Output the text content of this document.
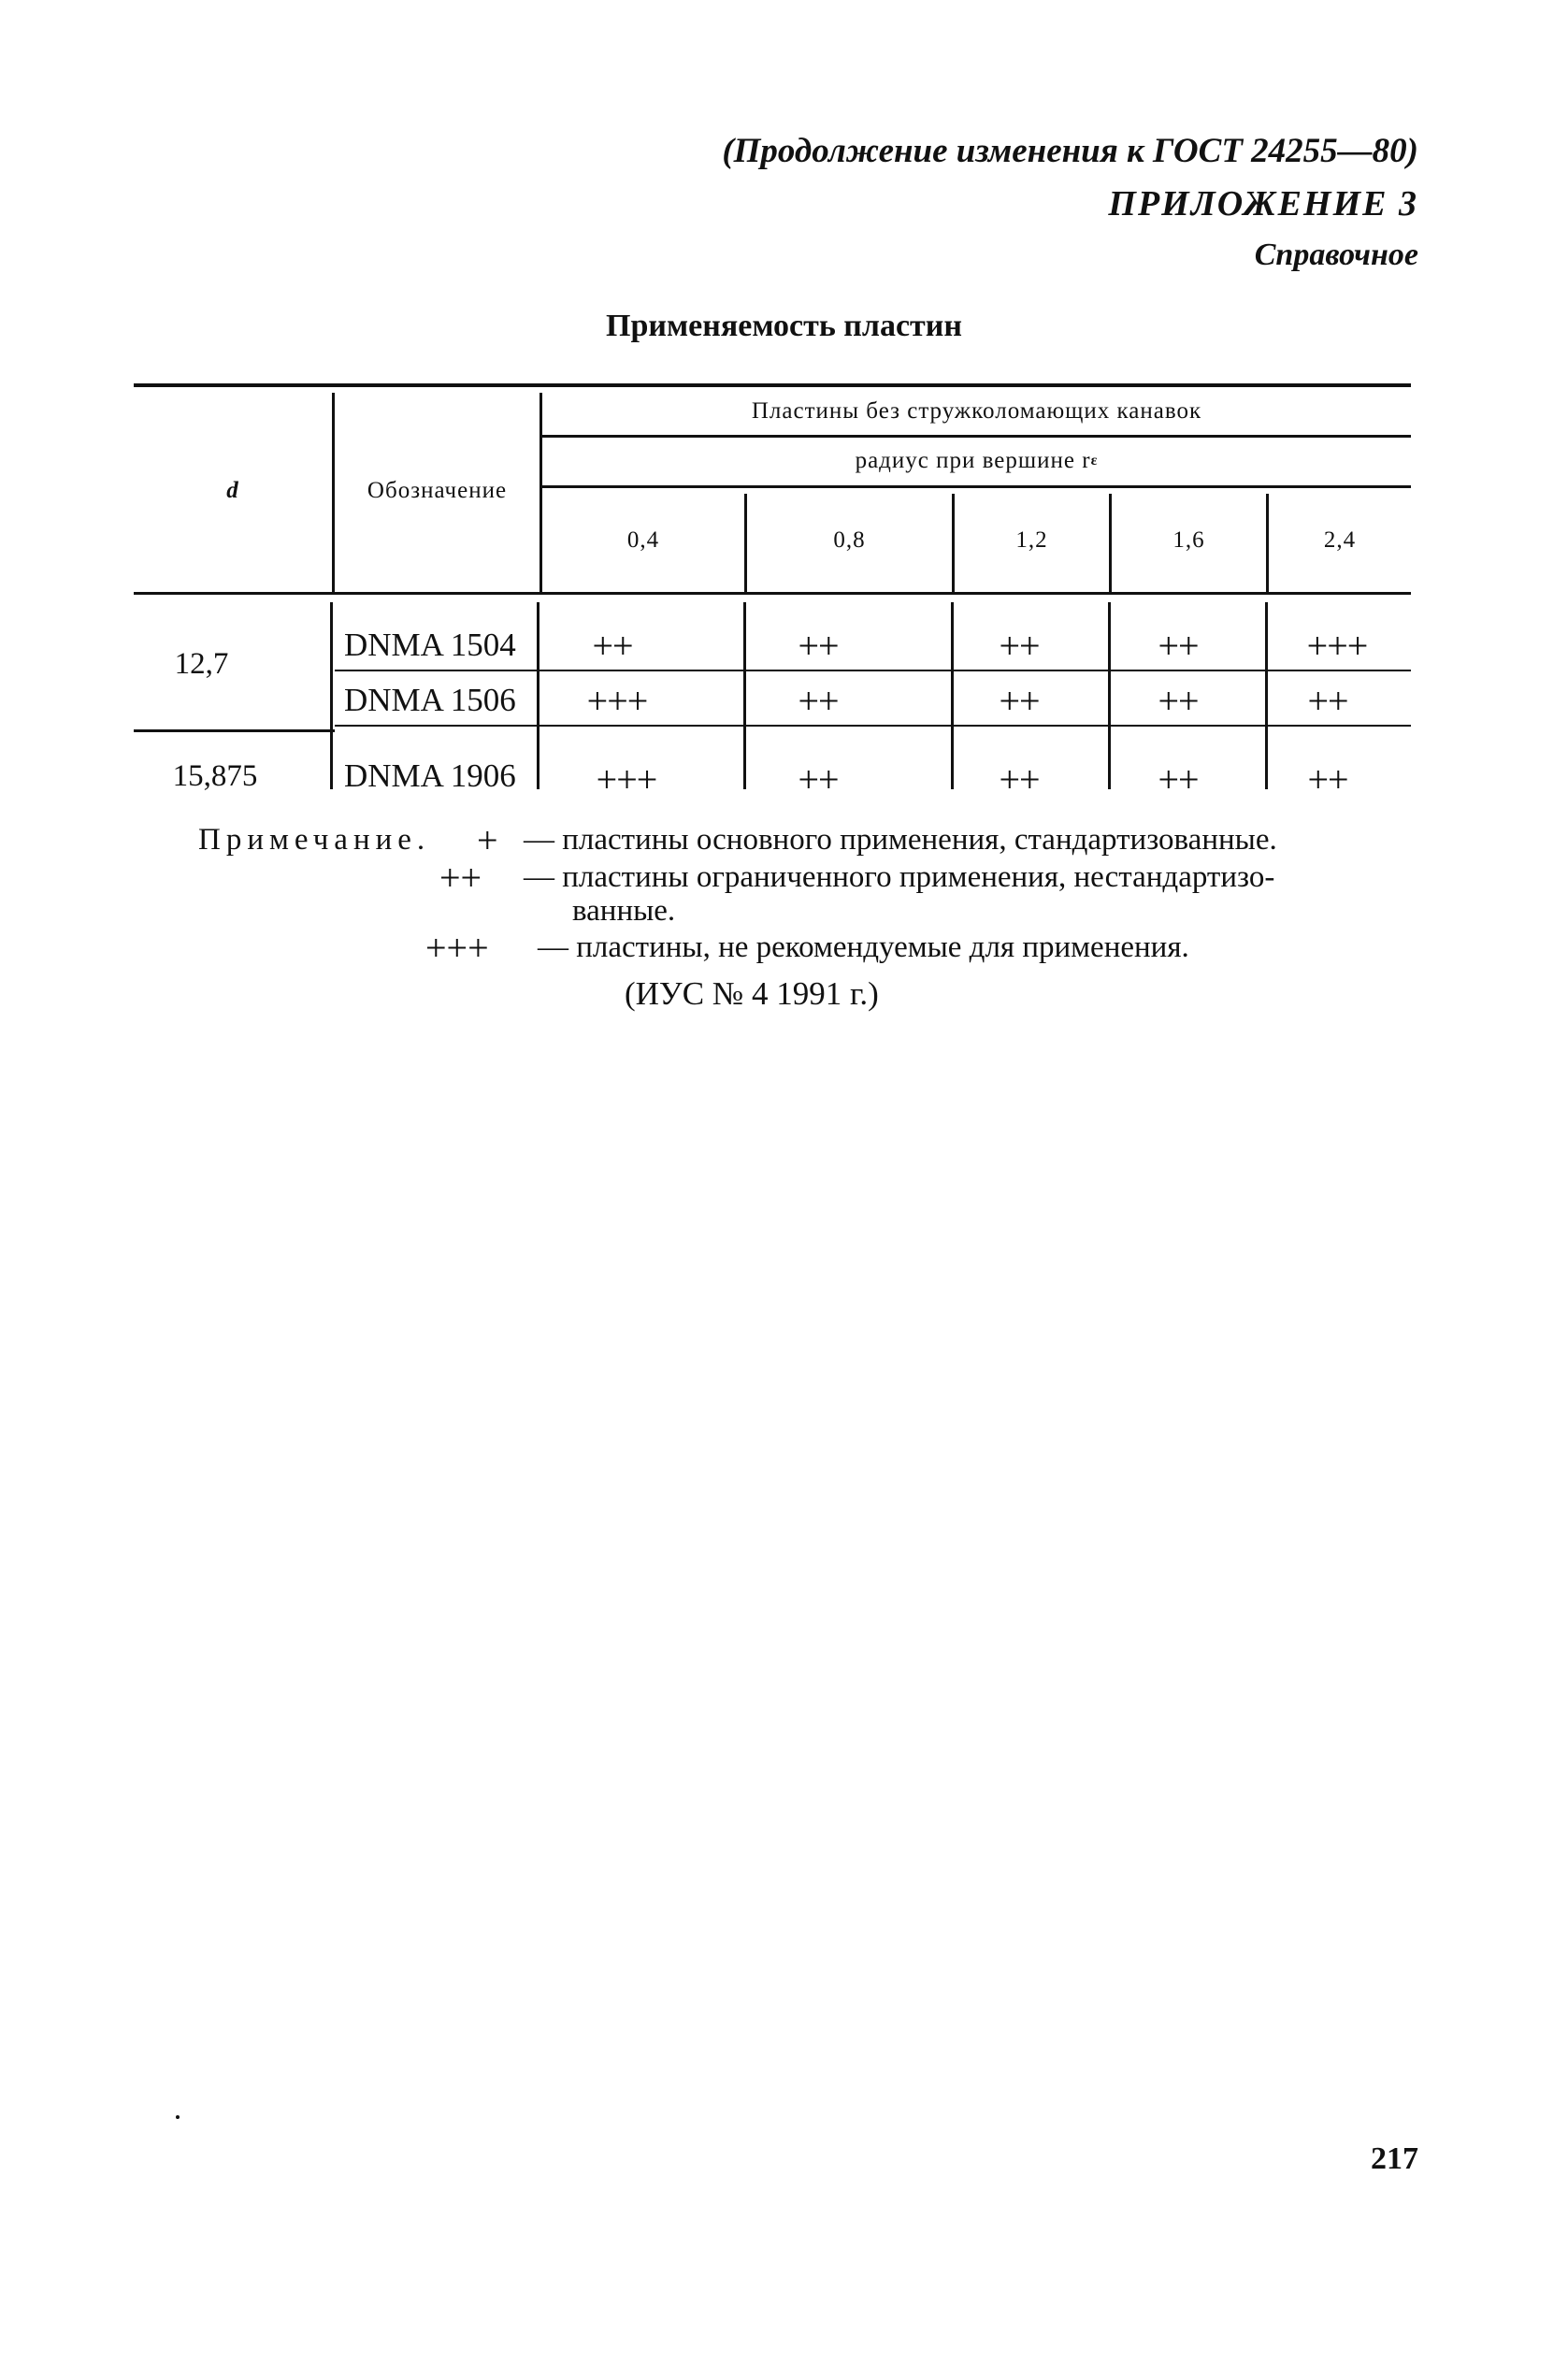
(Продолжение изменения к ГОСТ 24255—80)
ПРИЛОЖЕНИЕ 3
Справочное
Применяемость пластин
d	Обозначение
Пластины без стружколомающих канавок
радиус при вершине r ε
0,4	0,8	1,2	1,6	2,4
12,7
DNMA 1504	++	++	++	++	+++
DNMA 1506	+++	++	++	++	++
15,875	DNMA 1906	+++	++	++	++	++
Примечание. + — пластины основного применения, стандартизованные.
++ — пластины ограниченного применения, нестандартизо-
ванные.
+++ — пластины, не рекомендуемые для применения.
(ИУС № 4 1991 г.)
217
